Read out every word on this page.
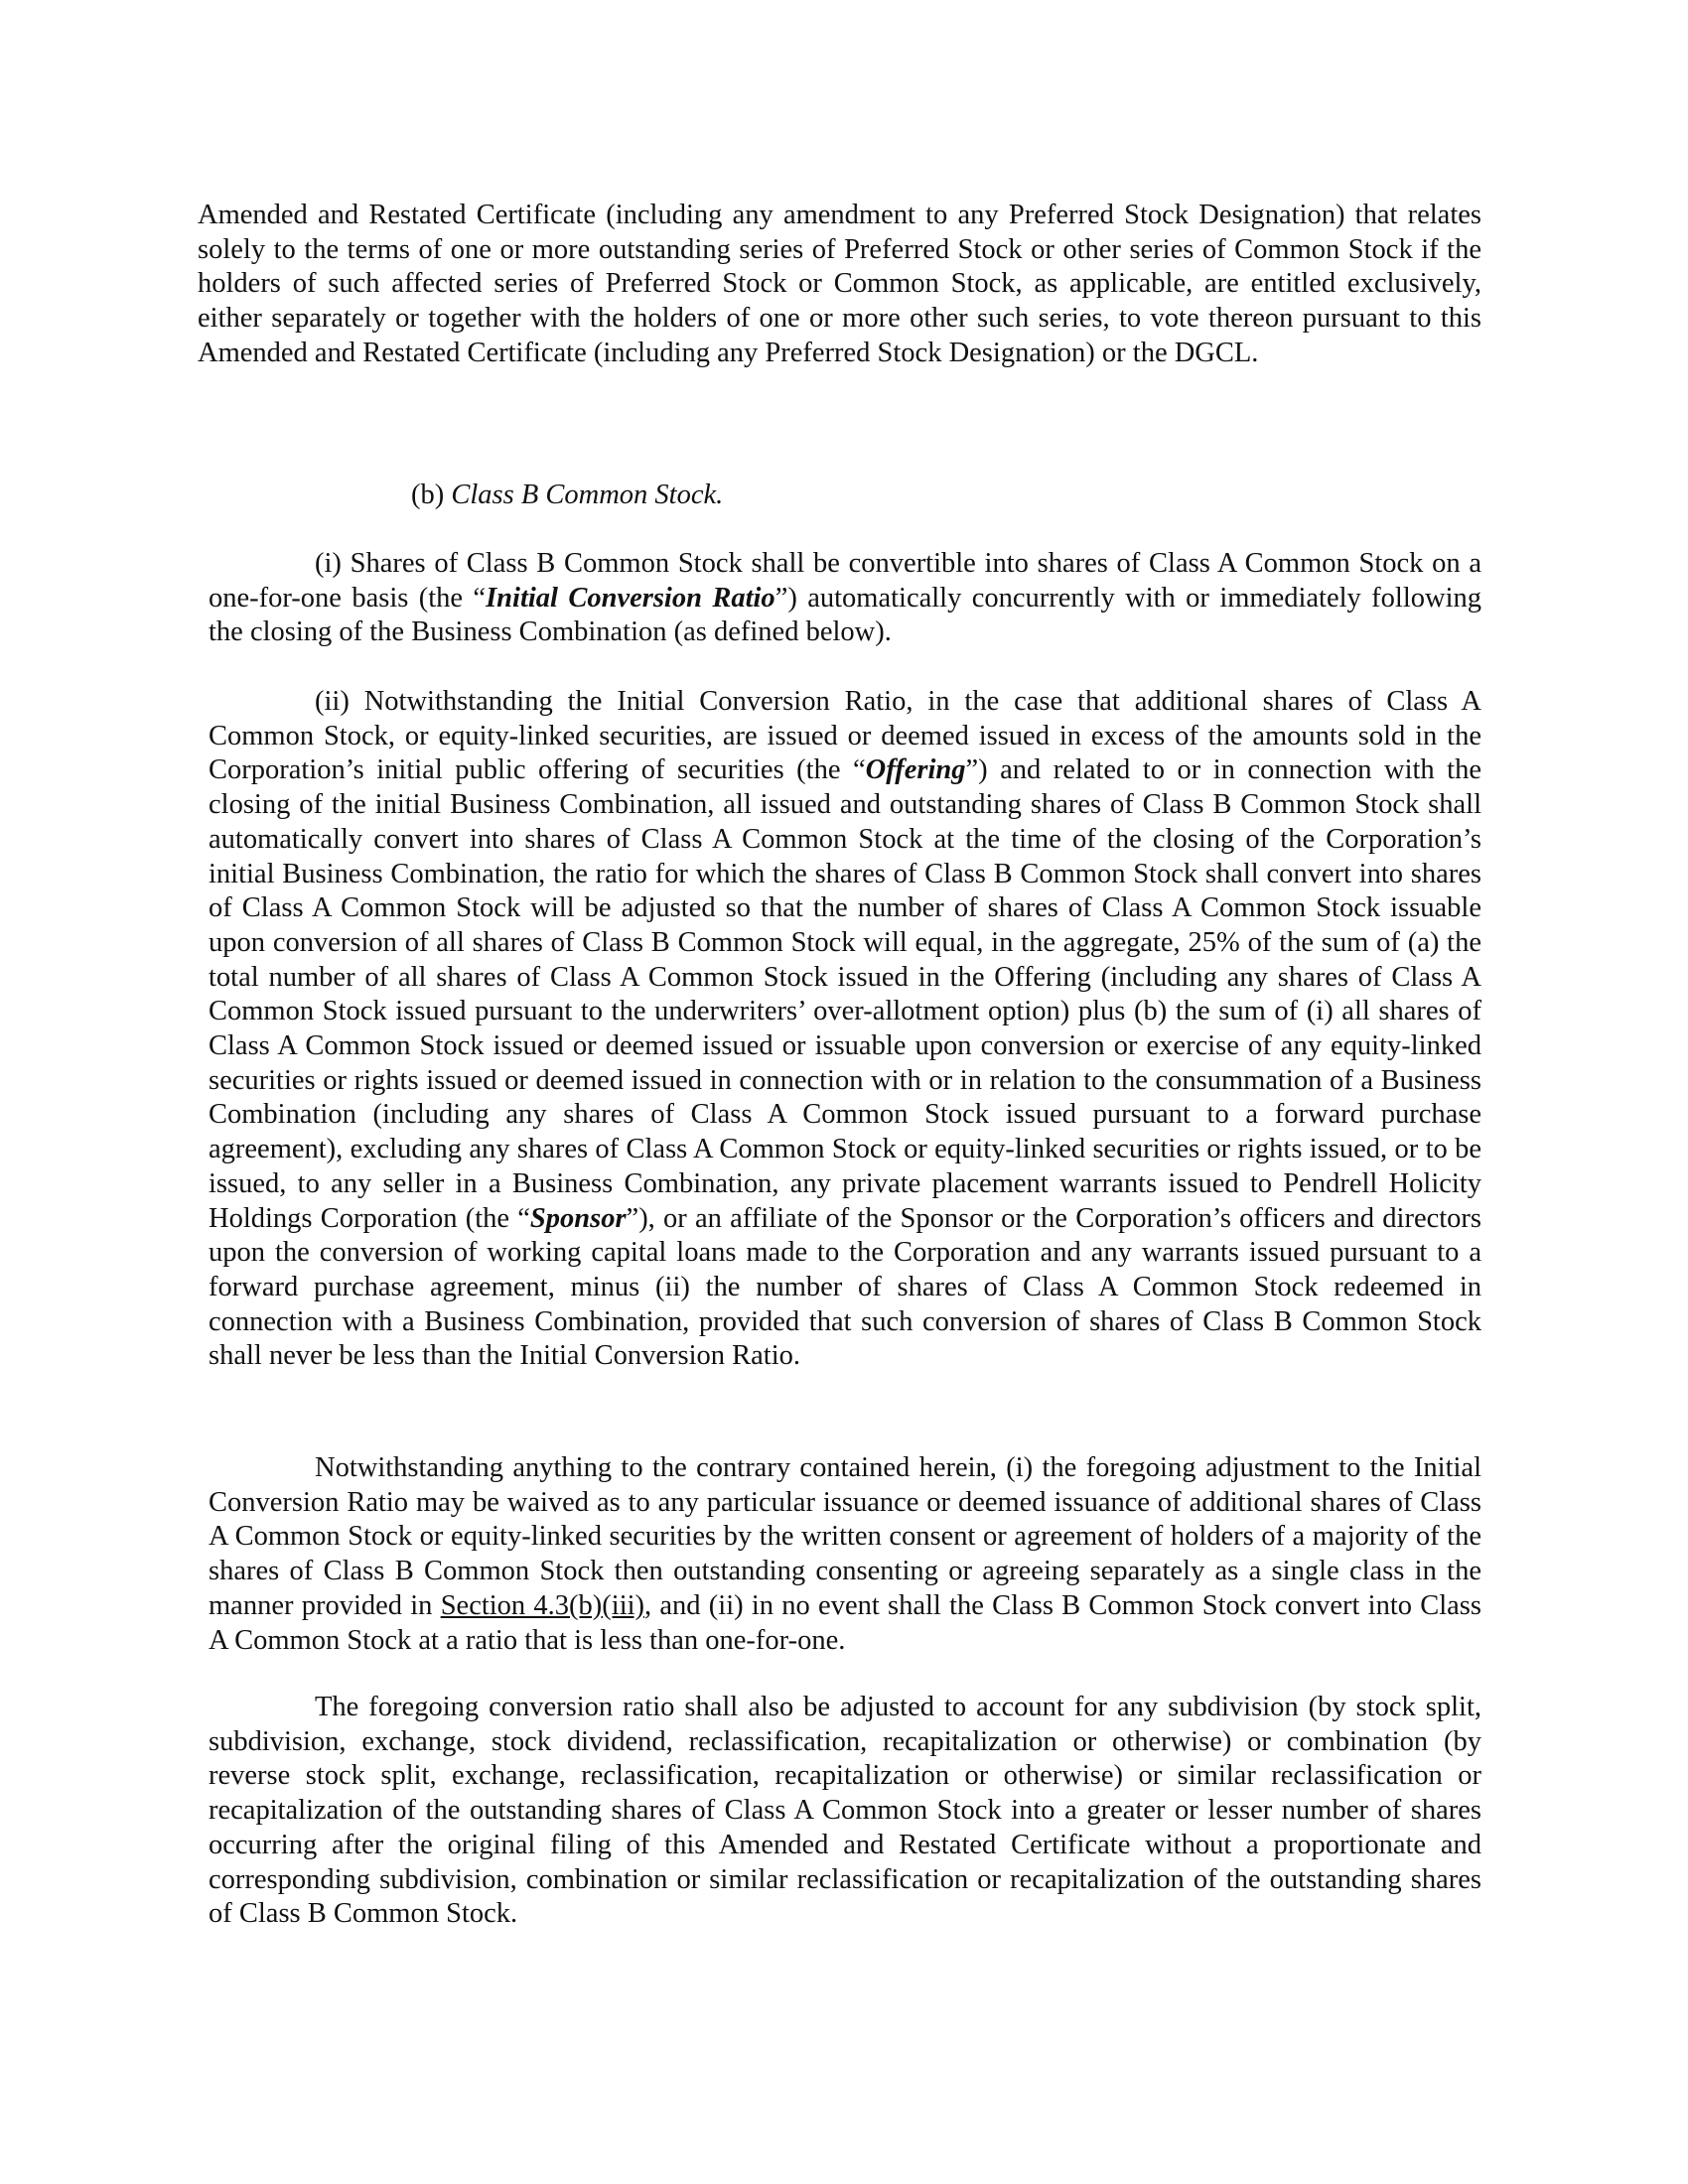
Amended and Restated Certificate (including any amendment to any Preferred Stock Designation) that relates solely to the terms of one or more outstanding series of Preferred Stock or other series of Common Stock if the holders of such affected series of Preferred Stock or Common Stock, as applicable, are entitled exclusively, either separately or together with the holders of one or more other such series, to vote thereon pursuant to this Amended and Restated Certificate (including any Preferred Stock Designation) or the DGCL.

(b) Class B Common Stock.

(i) Shares of Class B Common Stock shall be convertible into shares of Class A Common Stock on a one-for-one basis (the “Initial Conversion Ratio”) automatically concurrently with or immediately following the closing of the Business Combination (as defined below).

(ii) Notwithstanding the Initial Conversion Ratio, in the case that additional shares of Class A Common Stock, or equity-linked securities, are issued or deemed issued in excess of the amounts sold in the Corporation’s initial public offering of securities (the “Offering”) and related to or in connection with the closing of the initial Business Combination, all issued and outstanding shares of Class B Common Stock shall automatically convert into shares of Class A Common Stock at the time of the closing of the Corporation’s initial Business Combination, the ratio for which the shares of Class B Common Stock shall convert into shares of Class A Common Stock will be adjusted so that the number of shares of Class A Common Stock issuable upon conversion of all shares of Class B Common Stock will equal, in the aggregate, 25% of the sum of (a) the total number of all shares of Class A Common Stock issued in the Offering (including any shares of Class A Common Stock issued pursuant to the underwriters’ over-allotment option) plus (b) the sum of (i) all shares of Class A Common Stock issued or deemed issued or issuable upon conversion or exercise of any equity-linked securities or rights issued or deemed issued in connection with or in relation to the consummation of a Business Combination (including any shares of Class A Common Stock issued pursuant to a forward purchase agreement), excluding any shares of Class A Common Stock or equity-linked securities or rights issued, or to be issued, to any seller in a Business Combination, any private placement warrants issued to Pendrell Holicity Holdings Corporation (the “Sponsor”), or an affiliate of the Sponsor or the Corporation’s officers and directors upon the conversion of working capital loans made to the Corporation and any warrants issued pursuant to a forward purchase agreement, minus (ii) the number of shares of Class A Common Stock redeemed in connection with a Business Combination, provided that such conversion of shares of Class B Common Stock shall never be less than the Initial Conversion Ratio.

Notwithstanding anything to the contrary contained herein, (i) the foregoing adjustment to the Initial Conversion Ratio may be waived as to any particular issuance or deemed issuance of additional shares of Class A Common Stock or equity-linked securities by the written consent or agreement of holders of a majority of the shares of Class B Common Stock then outstanding consenting or agreeing separately as a single class in the manner provided in Section 4.3(b)(iii), and (ii) in no event shall the Class B Common Stock convert into Class A Common Stock at a ratio that is less than one-for-one.

The foregoing conversion ratio shall also be adjusted to account for any subdivision (by stock split, subdivision, exchange, stock dividend, reclassification, recapitalization or otherwise) or combination (by reverse stock split, exchange, reclassification, recapitalization or otherwise) or similar reclassification or recapitalization of the outstanding shares of Class A Common Stock into a greater or lesser number of shares occurring after the original filing of this Amended and Restated Certificate without a proportionate and corresponding subdivision, combination or similar reclassification or recapitalization of the outstanding shares of Class B Common Stock.
